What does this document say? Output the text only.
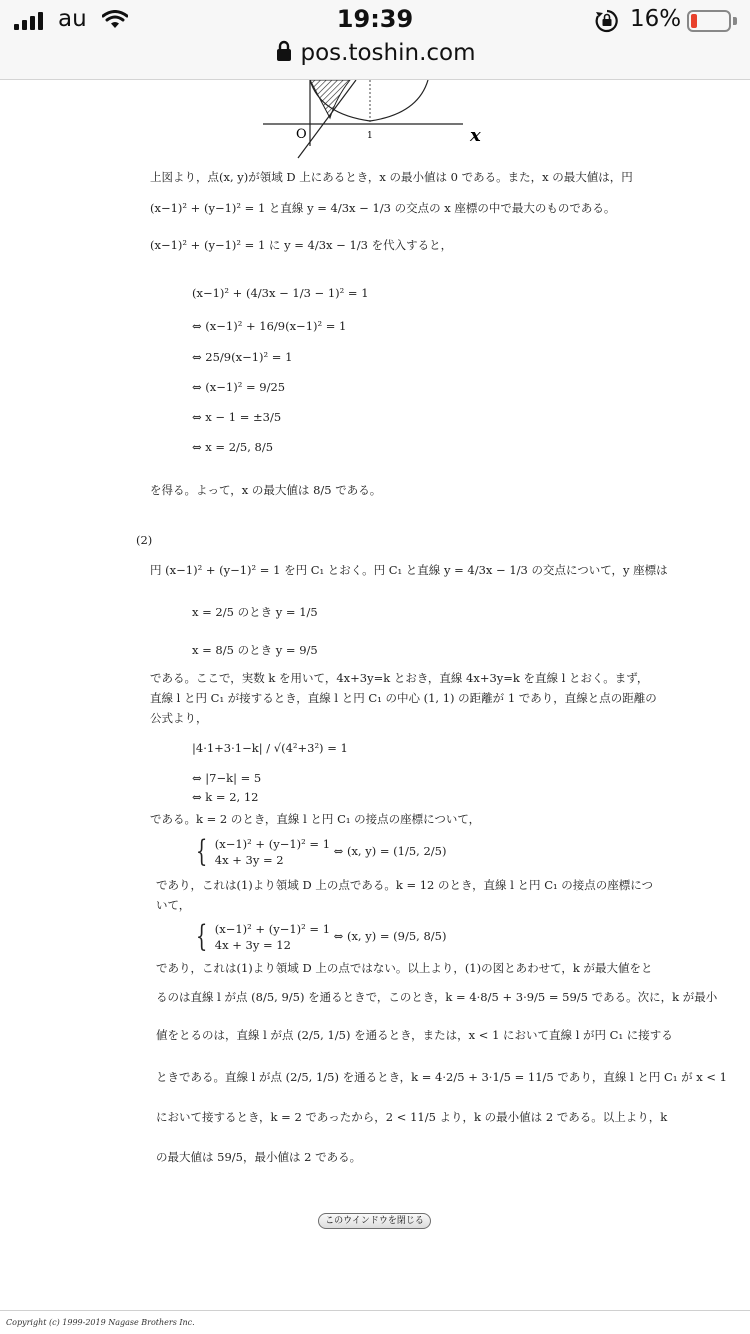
au	19:39	16%
pos.toshin.com
O	1	x
上図より，点(x, y)が領域 D 上にあるとき，x の最小値は 0 である。また，x の最大値は，円
(x−1)² + (y−1)² = 1 と直線 y = 4/3x − 1/3 の交点の x 座標の中で最大のものである。
(x−1)² + (y−1)² = 1 に y = 4/3x − 1/3 を代入すると，
(x−1)² + (4/3x − 1/3 − 1)² = 1
⇔ (x−1)² + 16/9(x−1)² = 1
⇔ 25/9(x−1)² = 1
⇔ (x−1)² = 9/25
⇔ x − 1 = ±3/5
⇔ x = 2/5, 8/5
を得る。よって，x の最大値は 8/5 である。
(2)
円 (x−1)² + (y−1)² = 1 を円 C₁ とおく。円 C₁ と直線 y = 4/3x − 1/3 の交点について，y 座標は
x = 2/5 のとき y = 1/5
x = 8/5 のとき y = 9/5
である。ここで，実数 k を用いて，4x+3y=k とおき，直線 4x+3y=k を直線 l とおく。まず，
直線 l と円 C₁ が接するとき，直線 l と円 C₁ の中心 (1, 1) の距離が 1 であり，直線と点の距離の
公式より，
|4·1+3·1−k| / √(4²+3²) = 1
⇔ |7−k| = 5
⇔ k = 2, 12
である。k = 2 のとき，直線 l と円 C₁ の接点の座標について，
{ (x−1)² + (y−1)² = 1
4x + 3y = 2 ⇔ (x, y) = (1/5, 2/5)
であり，これは(1)より領域 D 上の点である。k = 12 のとき，直線 l と円 C₁ の接点の座標につ
いて，
{ (x−1)² + (y−1)² = 1
4x + 3y = 12 ⇔ (x, y) = (9/5, 8/5)
であり，これは(1)より領域 D 上の点ではない。以上より，(1)の図とあわせて，k が最大値をと
るのは直線 l が点 (8/5, 9/5) を通るときで，このとき，k = 4·8/5 + 3·9/5 = 59/5 である。次に，k が最小
値をとるのは，直線 l が点 (2/5, 1/5) を通るとき，または，x < 1 において直線 l が円 C₁ に接する
ときである。直線 l が点 (2/5, 1/5) を通るとき，k = 4·2/5 + 3·1/5 = 11/5 であり，直線 l と円 C₁ が x < 1
において接するとき，k = 2 であったから，2 < 11/5 より，k の最小値は 2 である。以上より，k
の最大値は 59/5，最小値は 2 である。
このウインドウを閉じる
Copyright (c) 1999-2019 Nagase Brothers Inc.
